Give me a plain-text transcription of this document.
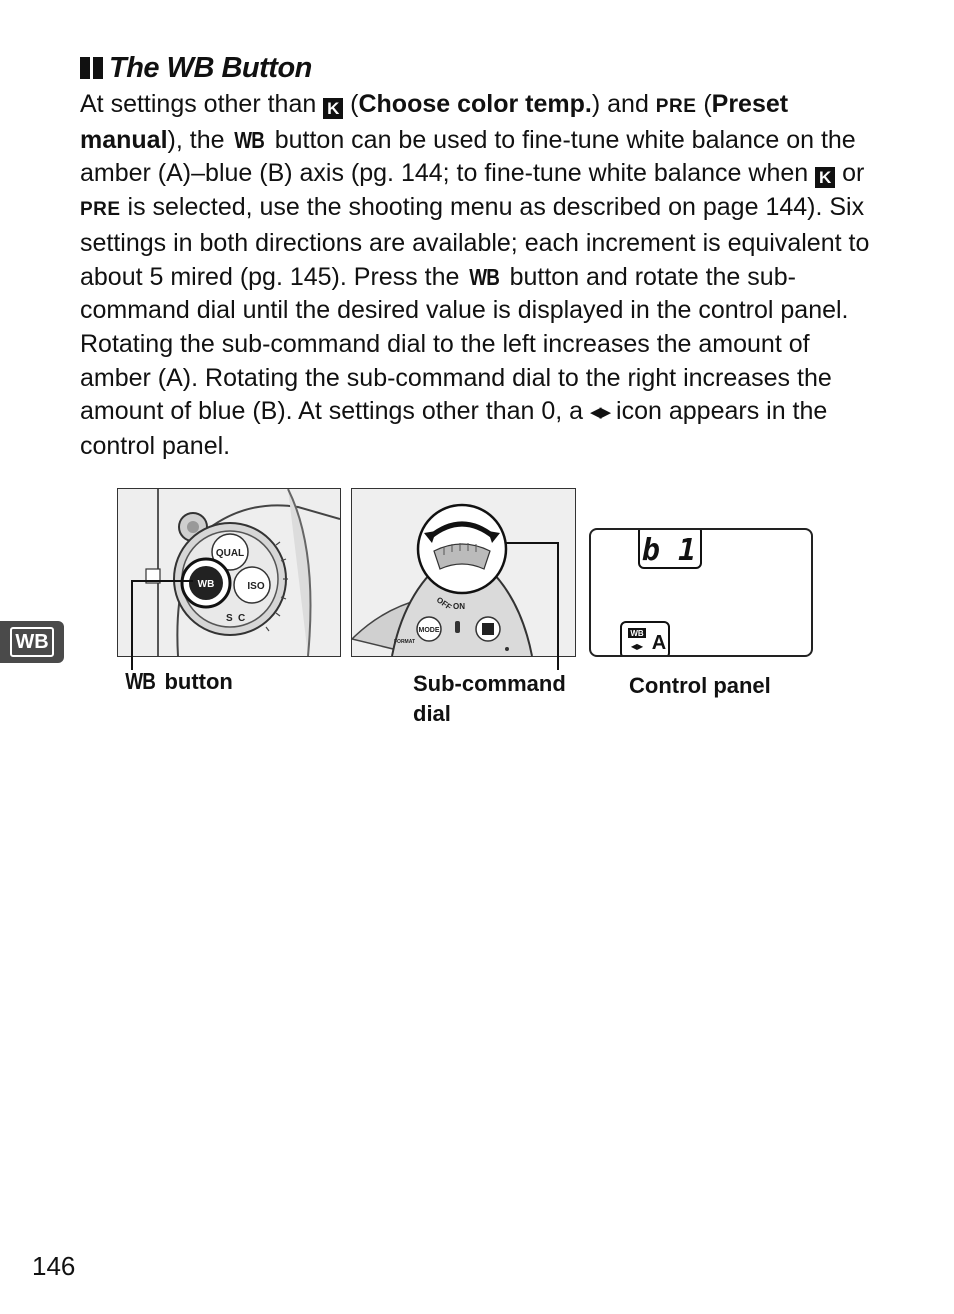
The WB Button

At settings other than K (Choose color temp.) and PRE (Preset manual), the WB button can be used to fine-tune white balance on the amber (A)–blue (B) axis (pg. 144; to fine-tune white balance when K or PRE is selected, use the shooting menu as described on page 144). Six settings in both directions are available; each increment is equivalent to about 5 mired (pg. 145). Press the WB button and rotate the sub-command dial until the desired value is displayed in the control panel. Rotating the sub-command dial to the left increases the amount of amber (A). Rotating the sub-command dial to the right increases the amount of blue (B). At settings other than 0, a ◀▶ icon appears in the control panel.

WB
QUAL
WB	ISO
S C
OFF ON
MODE
FORMAT
b 1
WB
◀▶ A
WB button	Sub-command dial
Control panel
146
